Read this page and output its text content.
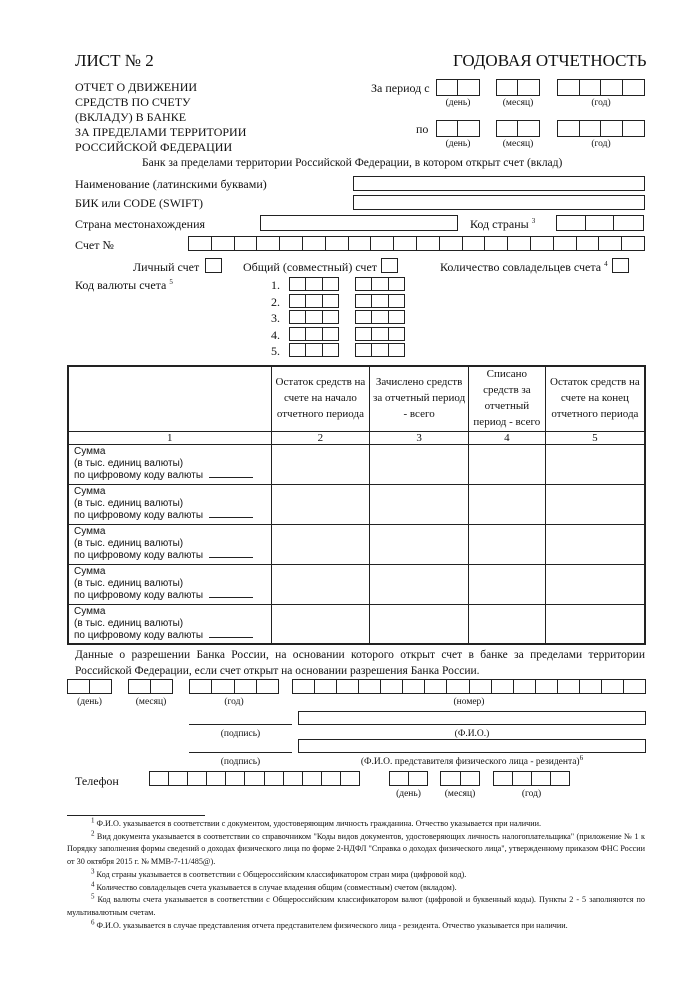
ЛИСТ № 2	ГОДОВАЯ ОТЧЕТНОСТЬ
ОТЧЕТ О ДВИЖЕНИИ
СРЕДСТВ ПО СЧЕТУ
(ВКЛАДУ) В БАНКЕ
ЗА ПРЕДЕЛАМИ ТЕРРИТОРИИ
РОССИЙСКОЙ ФЕДЕРАЦИИ
За период с
(день)	(месяц)	(год)
по
(день)	(месяц)	(год)
Банк за пределами территории Российской Федерации, в котором открыт счет (вклад)
Наименование (латинскими буквами)
БИК или CODE (SWIFT)
Страна местонахождения	Код страны $^3$
Счет №
Личный счет	Общий (совместный) счет	Количество совладельцев счета $^4$
Код валюты счета $^5$	1.
2.
3.
4.
5.
	Остаток средств на счете на начало отчетного периода	Зачислено средств за отчетный период - всего	Списано средств за отчетный период - всего	Остаток средств на счете на конец отчетного периода
1	2	3	4	5

Сумма
(в тыс. единиц валюты)
по цифровому коду валюты				

Сумма
(в тыс. единиц валюты)
по цифровому коду валюты				

Сумма
(в тыс. единиц валюты)
по цифровому коду валюты				

Сумма
(в тыс. единиц валюты)
по цифровому коду валюты				

Сумма
(в тыс. единиц валюты)
по цифровому коду валюты				

Данные о разрешении Банка России, на основании которого открыт счет в банке за пределами территории
Российской Федерации, если счет открыт на основании разрешения Банка России.
(день)	(месяц)	(год)	(номер)
(подпись)	(Ф.И.О.)
(подпись)	(Ф.И.О. представителя физического лица - резидента)$^6$
Телефон
(день)	(месяц)	(год)

$^1$ Ф.И.О. указывается в соответствии с документом, удостоверяющим личность гражданина. Отчество указывается при наличии.

$^2$ Вид документа указывается в соответствии со справочником "Коды видов документов, удостоверяющих личность налогоплательщика" (приложение № 1 к Порядку заполнения формы сведений о доходах физического лица по форме 2-НДФЛ "Справка о доходах физического лица", утвержденному приказом ФНС России от 30 октября 2015 г. № ММВ-7-11/485@).

$^3$ Код страны указывается в соответствии с Общероссийским классификатором стран мира (цифровой код).

$^4$ Количество совладельцев счета указывается в случае владения общим (совместным) счетом (вкладом).

$^5$ Код валюты счета указывается в соответствии с Общероссийским классификатором валют (цифровой и буквенный коды). Пункты 2 - 5 заполняются по мультивалютным счетам.

$^6$ Ф.И.О. указывается в случае представления отчета представителем физического лица - резидента. Отчество указывается при наличии.
